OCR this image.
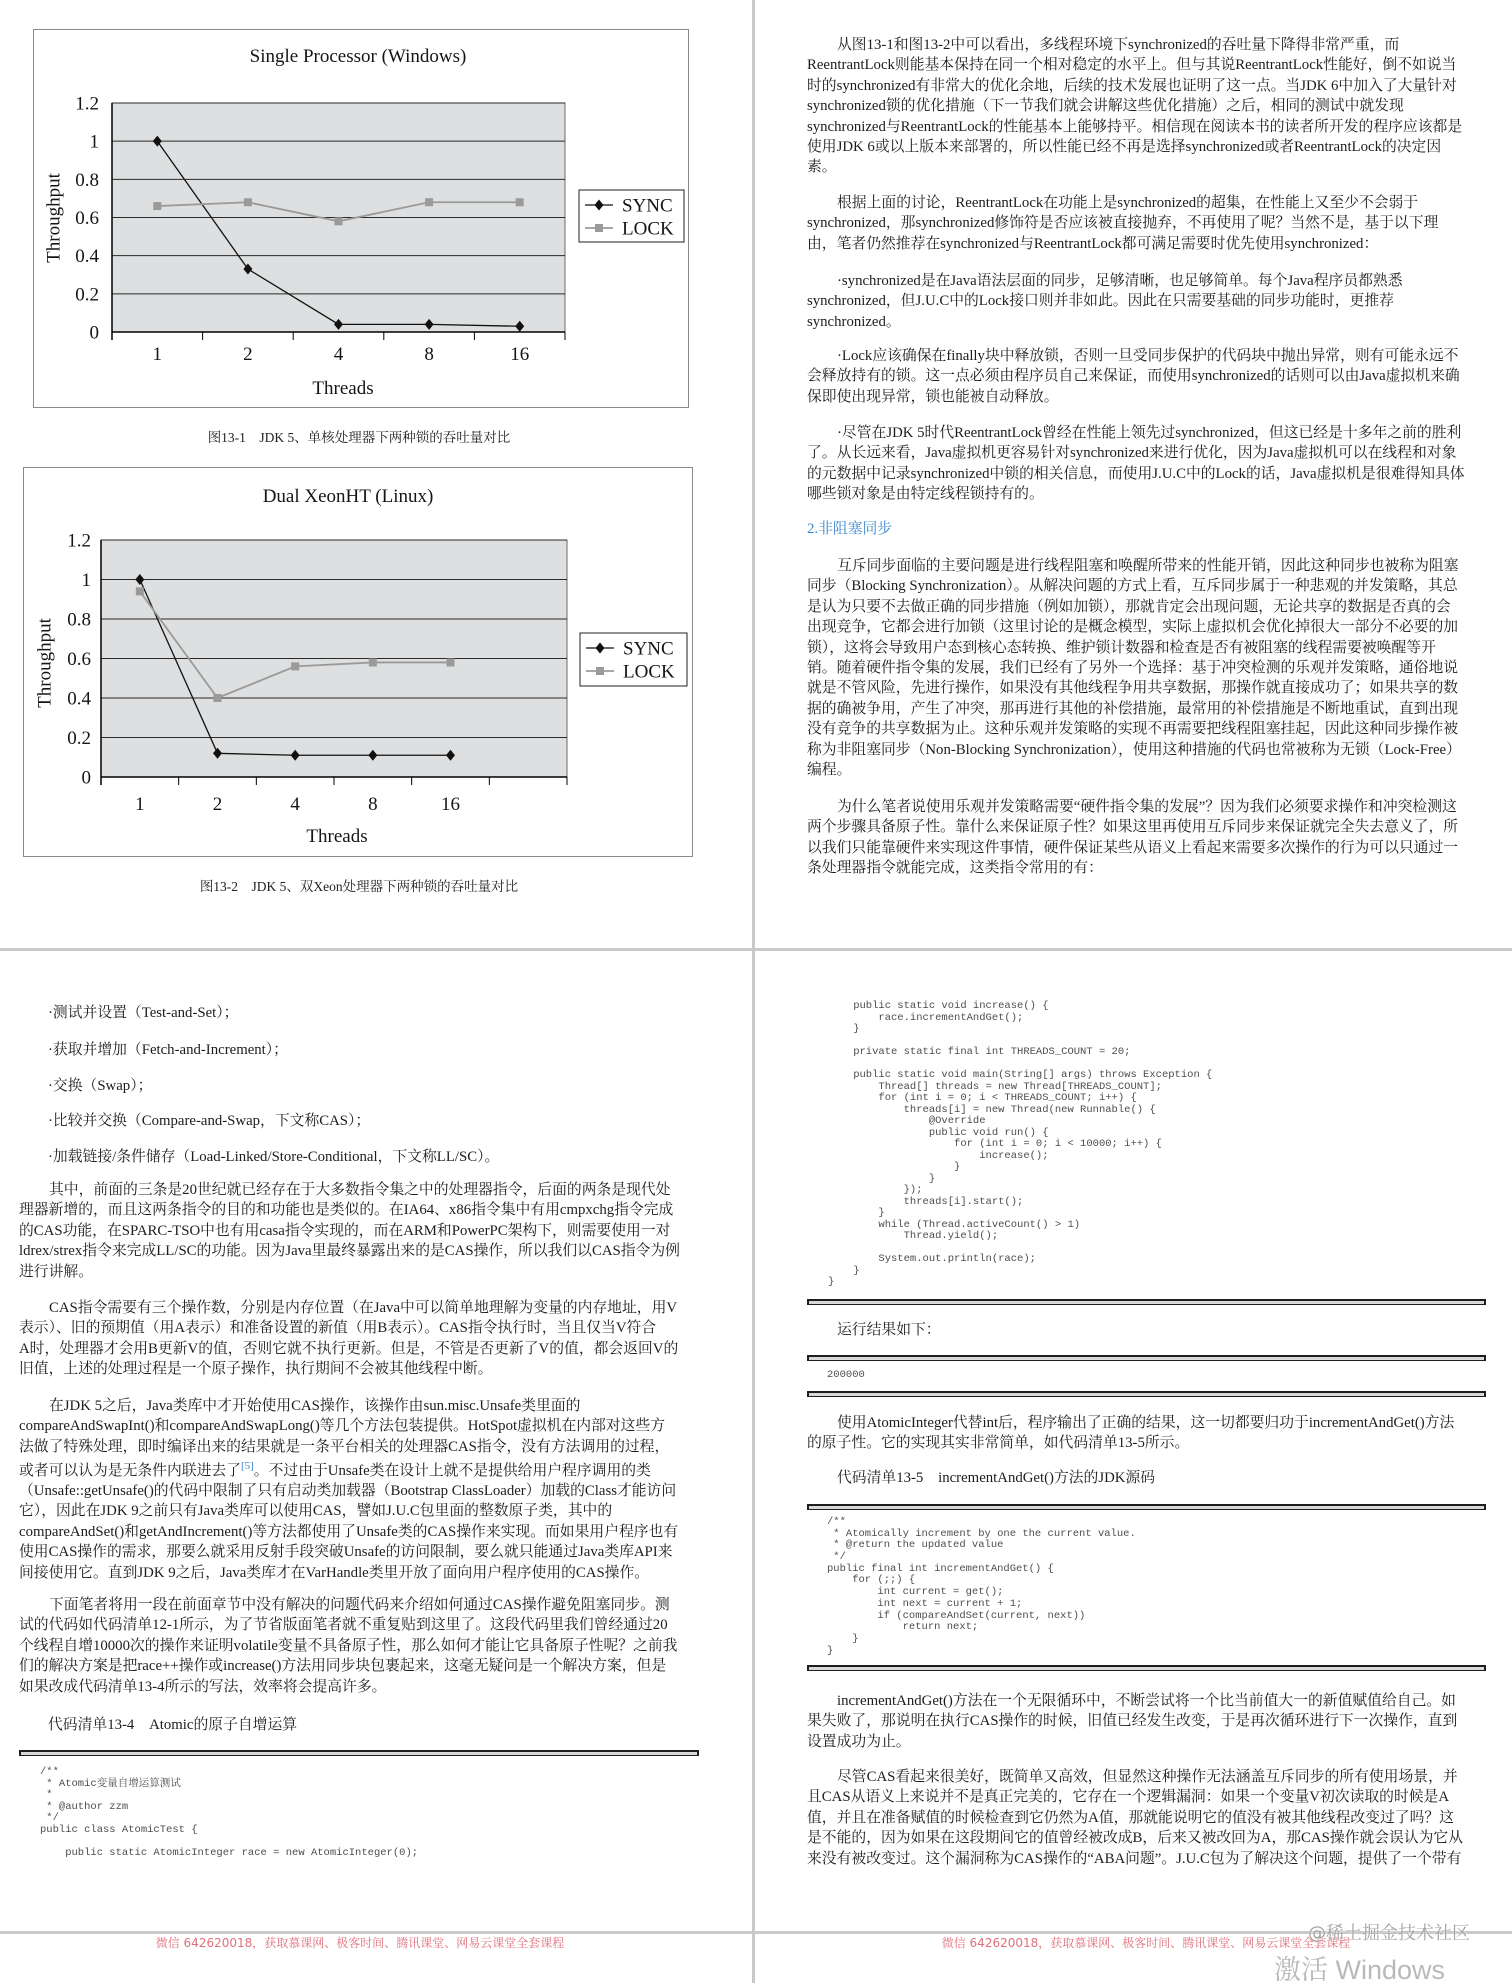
0
0.2
0.4
0.6
0.8
1
1.2
1	2	4	8	16
Single Processor (Windows)
Threads
Throughput	SYNC
LOCK
图13-1　JDK 5、单核处理器下两种锁的吞吐量对比
0
0.2
0.4
0.6
0.8
1
1.2
1	2	4	8	16
Dual XeonHT (Linux)
Threads
Throughput	SYNC
LOCK
图13-2　JDK 5、双Xeon处理器下两种锁的吞吐量对比
从图13-1和图13-2中可以看出，多线程环境下synchronized的吞吐量下降得非常严重，而
ReentrantLock则能基本保持在同一个相对稳定的水平上。但与其说ReentrantLock性能好，倒不如说当
时的synchronized有非常大的优化余地，后续的技术发展也证明了这一点。当JDK 6中加入了大量针对
synchronized锁的优化措施（下一节我们就会讲解这些优化措施）之后，相同的测试中就发现
synchronized与ReentrantLock的性能基本上能够持平。相信现在阅读本书的读者所开发的程序应该都是
使用JDK 6或以上版本来部署的，所以性能已经不再是选择synchronized或者ReentrantLock的决定因
素。
根据上面的讨论，ReentrantLock在功能上是synchronized的超集，在性能上又至少不会弱于
synchronized，那synchronized修饰符是否应该被直接抛弃，不再使用了呢？当然不是，基于以下理
由，笔者仍然推荐在synchronized与ReentrantLock都可满足需要时优先使用synchronized：
·synchronized是在Java语法层面的同步，足够清晰，也足够简单。每个Java程序员都熟悉
synchronized，但J.U.C中的Lock接口则并非如此。因此在只需要基础的同步功能时，更推荐
synchronized。
·Lock应该确保在finally块中释放锁，否则一旦受同步保护的代码块中抛出异常，则有可能永远不
会释放持有的锁。这一点必须由程序员自己来保证，而使用synchronized的话则可以由Java虚拟机来确
保即使出现异常，锁也能被自动释放。
·尽管在JDK 5时代ReentrantLock曾经在性能上领先过synchronized，但这已经是十多年之前的胜利
了。从长远来看，Java虚拟机更容易针对synchronized来进行优化，因为Java虚拟机可以在线程和对象
的元数据中记录synchronized中锁的相关信息，而使用J.U.C中的Lock的话，Java虚拟机是很难得知具体
哪些锁对象是由特定线程锁持有的。
2.非阻塞同步
互斥同步面临的主要问题是进行线程阻塞和唤醒所带来的性能开销，因此这种同步也被称为阻塞
同步（Blocking Synchronization）。从解决问题的方式上看，互斥同步属于一种悲观的并发策略，其总
是认为只要不去做正确的同步措施（例如加锁），那就肯定会出现问题，无论共享的数据是否真的会
出现竞争，它都会进行加锁（这里讨论的是概念模型，实际上虚拟机会优化掉很大一部分不必要的加
锁），这将会导致用户态到核心态转换、维护锁计数器和检查是否有被阻塞的线程需要被唤醒等开
销。随着硬件指令集的发展，我们已经有了另外一个选择：基于冲突检测的乐观并发策略，通俗地说
就是不管风险，先进行操作，如果没有其他线程争用共享数据，那操作就直接成功了；如果共享的数
据的确被争用，产生了冲突，那再进行其他的补偿措施，最常用的补偿措施是不断地重试，直到出现
没有竞争的共享数据为止。这种乐观并发策略的实现不再需要把线程阻塞挂起，因此这种同步操作被
称为非阻塞同步（Non-Blocking Synchronization），使用这种措施的代码也常被称为无锁（Lock-Free）
编程。
为什么笔者说使用乐观并发策略需要“硬件指令集的发展”？因为我们必须要求操作和冲突检测这
两个步骤具备原子性。靠什么来保证原子性？如果这里再使用互斥同步来保证就完全失去意义了，所
以我们只能靠硬件来实现这件事情，硬件保证某些从语义上看起来需要多次操作的行为可以只通过一
条处理器指令就能完成，这类指令常用的有：
·测试并设置（Test-and-Set）；
·获取并增加（Fetch-and-Increment）；
·交换（Swap）；
·比较并交换（Compare-and-Swap，下文称CAS）；
·加载链接/条件储存（Load-Linked/Store-Conditional，下文称LL/SC）。
其中，前面的三条是20世纪就已经存在于大多数指令集之中的处理器指令，后面的两条是现代处
理器新增的，而且这两条指令的目的和功能也是类似的。在IA64、x86指令集中有用cmpxchg指令完成
的CAS功能，在SPARC-TSO中也有用casa指令实现的，而在ARM和PowerPC架构下，则需要使用一对
ldrex/strex指令来完成LL/SC的功能。因为Java里最终暴露出来的是CAS操作，所以我们以CAS指令为例
进行讲解。
CAS指令需要有三个操作数，分别是内存位置（在Java中可以简单地理解为变量的内存地址，用V
表示）、旧的预期值（用A表示）和准备设置的新值（用B表示）。CAS指令执行时，当且仅当V符合
A时，处理器才会用B更新V的值，否则它就不执行更新。但是，不管是否更新了V的值，都会返回V的
旧值，上述的处理过程是一个原子操作，执行期间不会被其他线程中断。
在JDK 5之后，Java类库中才开始使用CAS操作，该操作由sun.misc.Unsafe类里面的
compareAndSwapInt()和compareAndSwapLong()等几个方法包装提供。HotSpot虚拟机在内部对这些方
法做了特殊处理，即时编译出来的结果就是一条平台相关的处理器CAS指令，没有方法调用的过程，
或者可以认为是无条件内联进去了[5]。不过由于Unsafe类在设计上就不是提供给用户程序调用的类
（Unsafe::getUnsafe()的代码中限制了只有启动类加载器（Bootstrap ClassLoader）加载的Class才能访问
它），因此在JDK 9之前只有Java类库可以使用CAS，譬如J.U.C包里面的整数原子类，其中的
compareAndSet()和getAndIncrement()等方法都使用了Unsafe类的CAS操作来实现。而如果用户程序也有
使用CAS操作的需求，那要么就采用反射手段突破Unsafe的访问限制，要么就只能通过Java类库API来
间接使用它。直到JDK 9之后，Java类库才在VarHandle类里开放了面向用户程序使用的CAS操作。
下面笔者将用一段在前面章节中没有解决的问题代码来介绍如何通过CAS操作避免阻塞同步。测
试的代码如代码清单12-1所示，为了节省版面笔者就不重复贴到这里了。这段代码里我们曾经通过20
个线程自增10000次的操作来证明volatile变量不具备原子性，那么如何才能让它具备原子性呢？之前我
们的解决方案是把race++操作或increase()方法用同步块包裹起来，这毫无疑问是一个解决方案，但是
如果改成代码清单13-4所示的写法，效率将会提高许多。
代码清单13-4　Atomic的原子自增运算
/**
* Atomic变量自增运算测试
*
* @author zzm
*/
public class AtomicTest {
public static AtomicInteger race = new AtomicInteger(0);
微信 642620018，获取慕课网、极客时间、腾讯课堂、网易云课堂全套课程
public static void increase() {
race.incrementAndGet();
}
private static final int THREADS_COUNT = 20;
public static void main(String[] args) throws Exception {
Thread[] threads = new Thread[THREADS_COUNT];
for (int i = 0; i < THREADS_COUNT; i++) {
threads[i] = new Thread(new Runnable() {
@Override
public void run() {
for (int i = 0; i < 10000; i++) {
increase();
}
}
});
threads[i].start();
}
while (Thread.activeCount() > 1)
Thread.yield();
System.out.println(race);
}
}
运行结果如下：
200000
使用AtomicInteger代替int后，程序输出了正确的结果，这一切都要归功于incrementAndGet()方法
的原子性。它的实现其实非常简单，如代码清单13-5所示。
代码清单13-5　incrementAndGet()方法的JDK源码
/**
* Atomically increment by one the current value.
* @return the updated value
*/
public final int incrementAndGet() {
for (;;) {
int current = get();
int next = current + 1;
if (compareAndSet(current, next))
return next;
}
}
incrementAndGet()方法在一个无限循环中，不断尝试将一个比当前值大一的新值赋值给自己。如
果失败了，那说明在执行CAS操作的时候，旧值已经发生改变，于是再次循环进行下一次操作，直到
设置成功为止。
尽管CAS看起来很美好，既简单又高效，但显然这种操作无法涵盖互斥同步的所有使用场景，并
且CAS从语义上来说并不是真正完美的，它存在一个逻辑漏洞：如果一个变量V初次读取的时候是A
值，并且在准备赋值的时候检查到它仍然为A值，那就能说明它的值没有被其他线程改变过了吗？这
是不能的，因为如果在这段期间它的值曾经被改成B，后来又被改回为A，那CAS操作就会误认为它从
来没有被改变过。这个漏洞称为CAS操作的“ABA问题”。J.U.C包为了解决这个问题，提供了一个带有
微信 642620018，获取慕课网、极客时间、腾讯课堂、网易云课堂全套课程
@稀土掘金技术社区
激活 Windows
